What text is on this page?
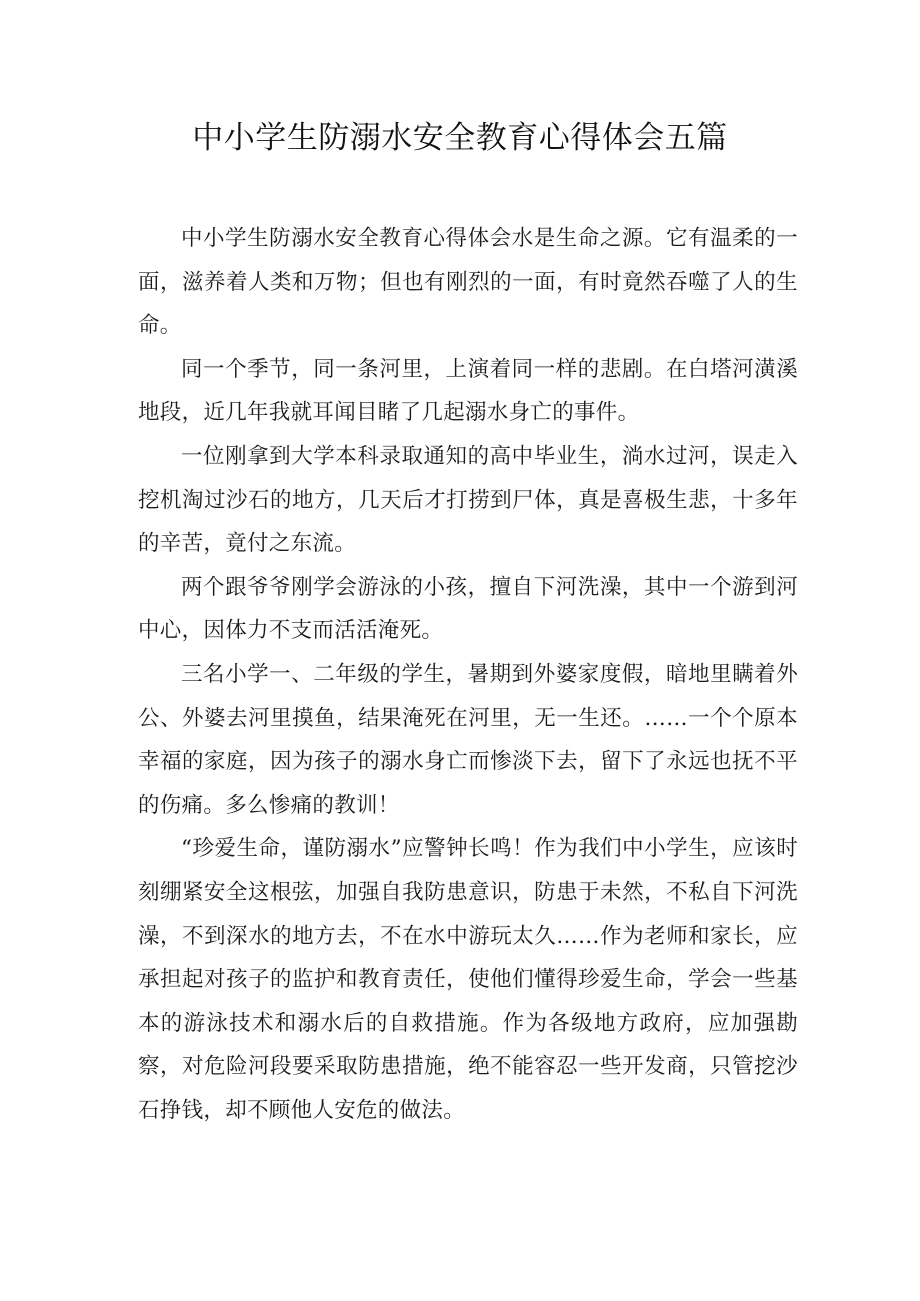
中小学生防溺水安全教育心得体会五篇

中小学生防溺水安全教育心得体会水是生命之源。它有温柔的一面，滋养着人类和万物；但也有刚烈的一面，有时竟然吞噬了人的生命。

同一个季节，同一条河里，上演着同一样的悲剧。在白塔河潢溪地段，近几年我就耳闻目睹了几起溺水身亡的事件。

一位刚拿到大学本科录取通知的高中毕业生，淌水过河，误走入挖机淘过沙石的地方，几天后才打捞到尸体，真是喜极生悲，十多年的辛苦，竟付之东流。

两个跟爷爷刚学会游泳的小孩，擅自下河洗澡，其中一个游到河中心，因体力不支而活活淹死。

三名小学一、二年级的学生，暑期到外婆家度假，暗地里瞒着外公、外婆去河里摸鱼，结果淹死在河里，无一生还。……一个个原本幸福的家庭，因为孩子的溺水身亡而惨淡下去，留下了永远也抚不平的伤痛。多么惨痛的教训！

“珍爱生命，谨防溺水”应警钟长鸣！作为我们中小学生，应该时刻绷紧安全这根弦，加强自我防患意识，防患于未然，不私自下河洗澡，不到深水的地方去，不在水中游玩太久……作为老师和家长，应承担起对孩子的监护和教育责任，使他们懂得珍爱生命，学会一些基本的游泳技术和溺水后的自救措施。作为各级地方政府，应加强勘察，对危险河段要采取防患措施，绝不能容忍一些开发商，只管挖沙石挣钱，却不顾他人安危的做法。
